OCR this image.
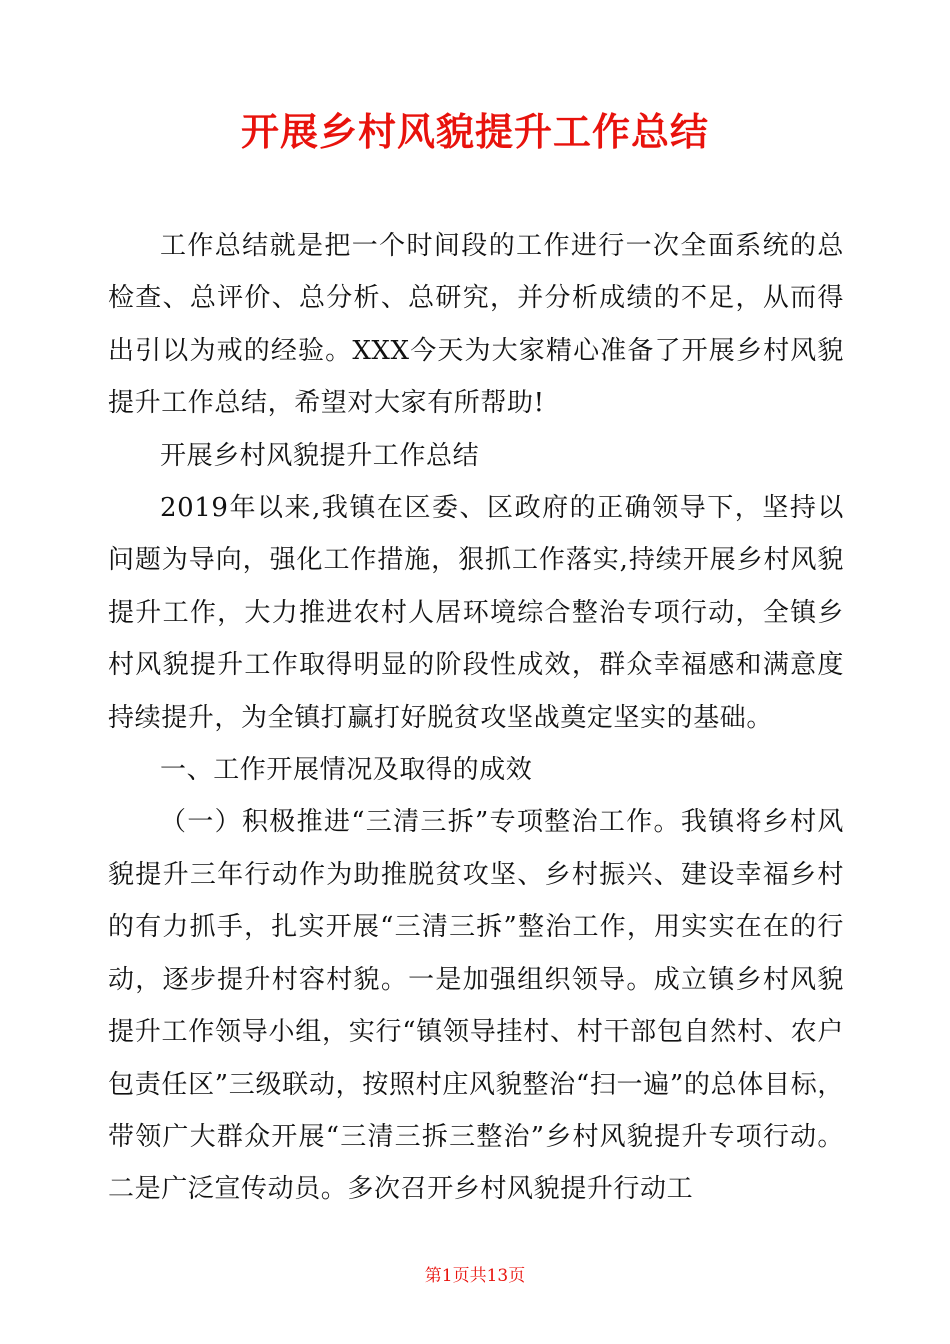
开展乡村风貌提升工作总结

工作总结就是把一个时间段的工作进行一次全面系统的总检查、总评价、总分析、总研究，并分析成绩的不足，从而得出引以为戒的经验。XXX今天为大家精心准备了开展乡村风貌提升工作总结，希望对大家有所帮助!

开展乡村风貌提升工作总结

2019年以来,我镇在区委、区政府的正确领导下，坚持以问题为导向，强化工作措施，狠抓工作落实,持续开展乡村风貌提升工作，大力推进农村人居环境综合整治专项行动，全镇乡村风貌提升工作取得明显的阶段性成效，群众幸福感和满意度持续提升，为全镇打赢打好脱贫攻坚战奠定坚实的基础。

一、工作开展情况及取得的成效

（一）积极推进“三清三拆”专项整治工作。我镇将乡村风貌提升三年行动作为助推脱贫攻坚、乡村振兴、建设幸福乡村的有力抓手，扎实开展“三清三拆”整治工作，用实实在在的行动，逐步提升村容村貌。一是加强组织领导。成立镇乡村风貌提升工作领导小组，实行“镇领导挂村、村干部包自然村、农户包责任区”三级联动，按照村庄风貌整治“扫一遍”的总体目标，带领广大群众开展“三清三拆三整治”乡村风貌提升专项行动。二是广泛宣传动员。多次召开乡村风貌提升行动工

第1页共13页
